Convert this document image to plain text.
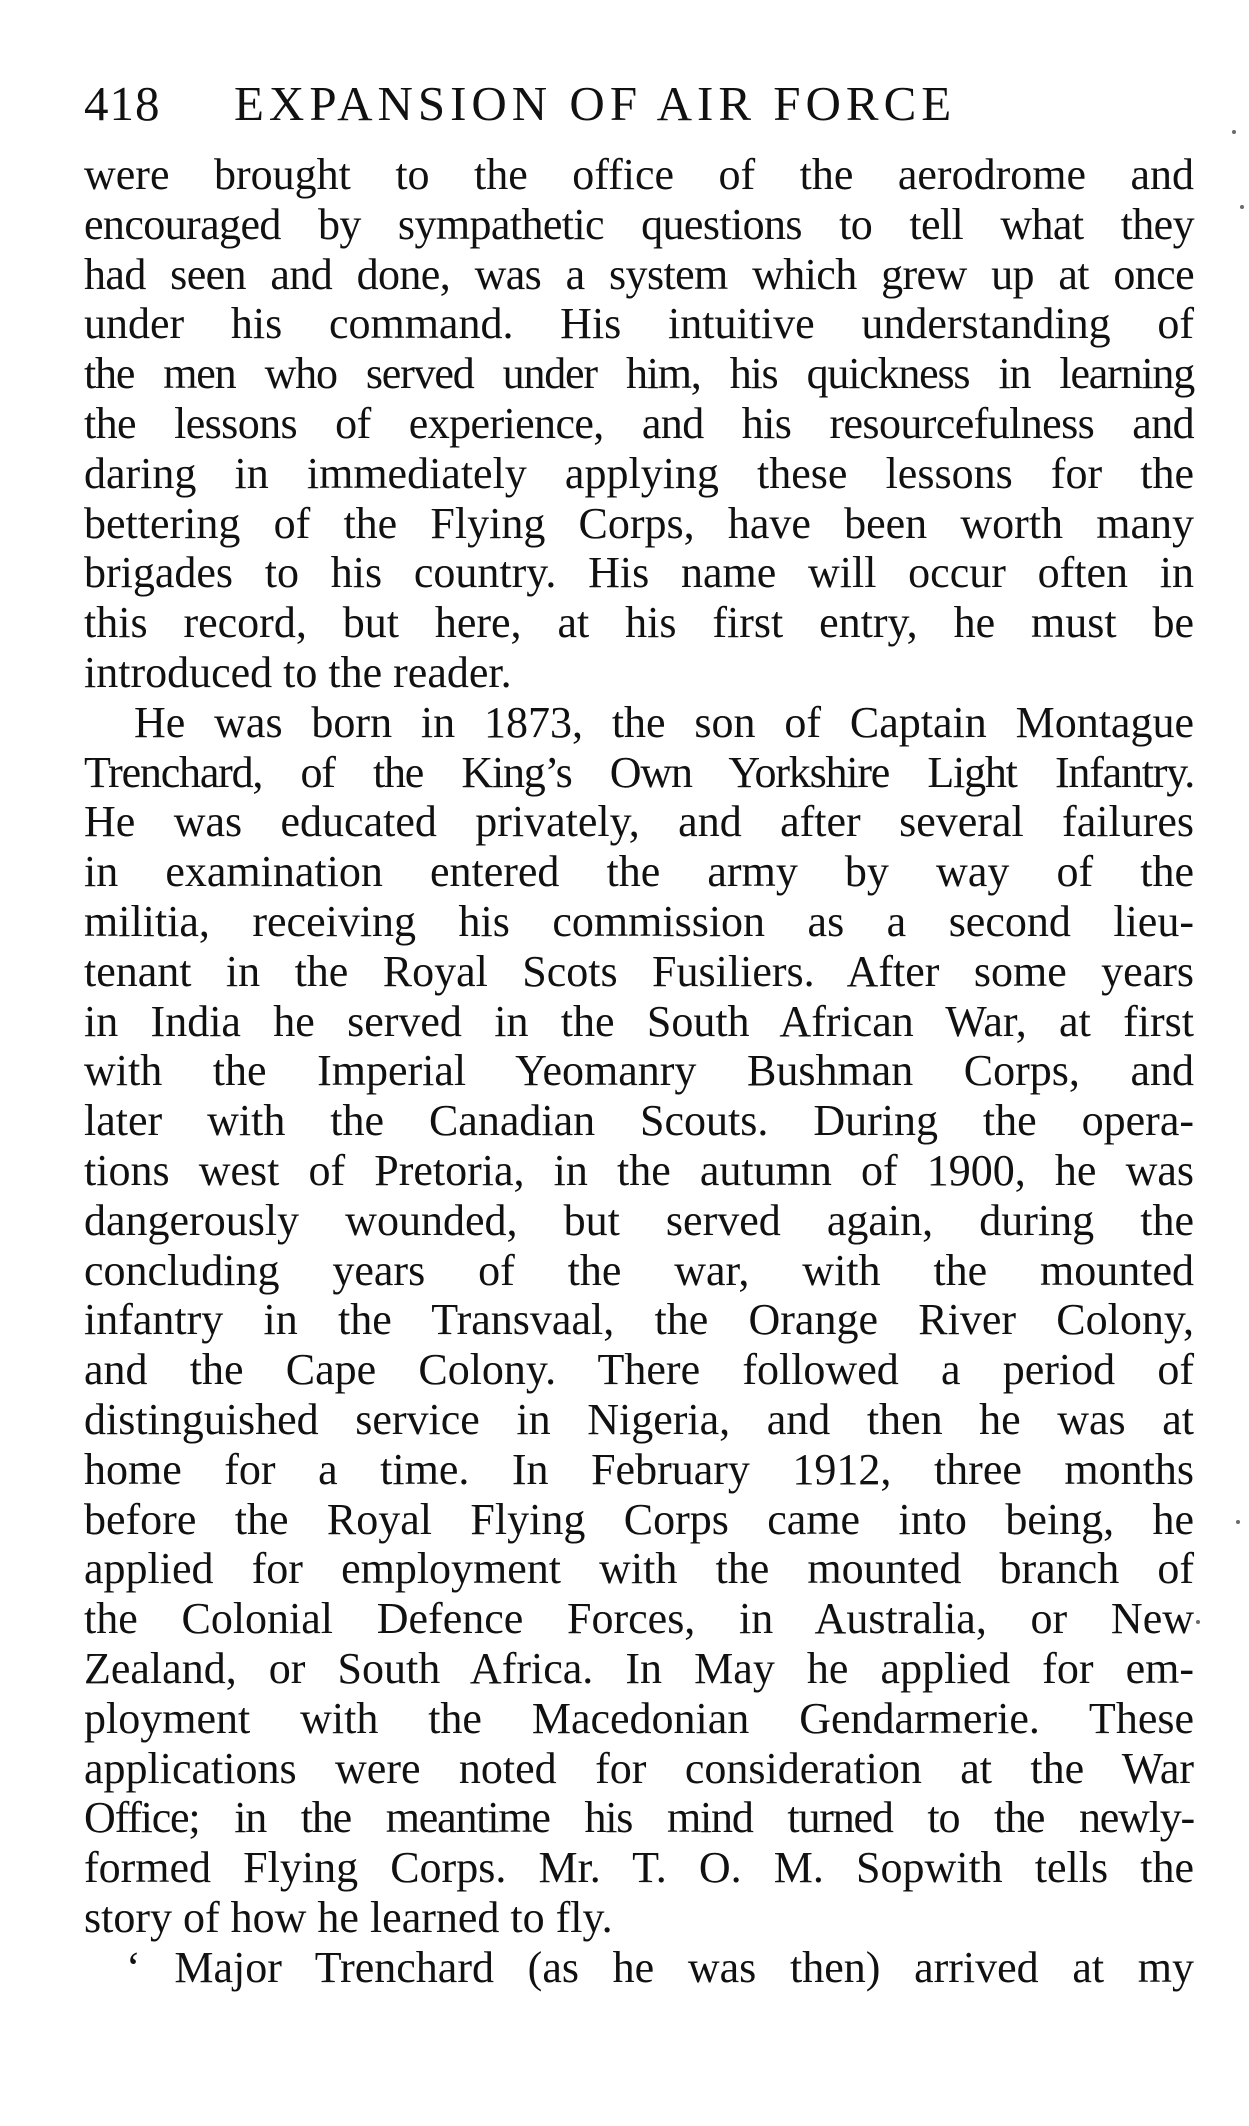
418 EXPANSION OF AIR FORCE
were brought to the office of the aerodrome and
encouraged by sympathetic questions to tell what they
had seen and done, was a system which grew up at once
under his command. His intuitive understanding of
the men who served under him, his quickness in learning
the lessons of experience, and his resourcefulness and
daring in immediately applying these lessons for the
bettering of the Flying Corps, have been worth many
brigades to his country. His name will occur often in
this record, but here, at his first entry, he must be
introduced to the reader.
He was born in 1873, the son of Captain Montague
Trenchard, of the King’s Own Yorkshire Light Infantry.
He was educated privately, and after several failures
in examination entered the army by way of the
militia, receiving his commission as a second lieu-
tenant in the Royal Scots Fusiliers. After some years
in India he served in the South African War, at first
with the Imperial Yeomanry Bushman Corps, and
later with the Canadian Scouts. During the opera-
tions west of Pretoria, in the autumn of 1900, he was
dangerously wounded, but served again, during the
concluding years of the war, with the mounted
infantry in the Transvaal, the Orange River Colony,
and the Cape Colony. There followed a period of
distinguished service in Nigeria, and then he was at
home for a time. In February 1912, three months
before the Royal Flying Corps came into being, he
applied for employment with the mounted branch of
the Colonial Defence Forces, in Australia, or New
Zealand, or South Africa. In May he applied for em-
ployment with the Macedonian Gendarmerie. These
applications were noted for consideration at the War
Office; in the meantime his mind turned to the newly-
formed Flying Corps. Mr. T. O. M. Sopwith tells the
story of how he learned to fly.
‘ Major Trenchard (as he was then) arrived at my
